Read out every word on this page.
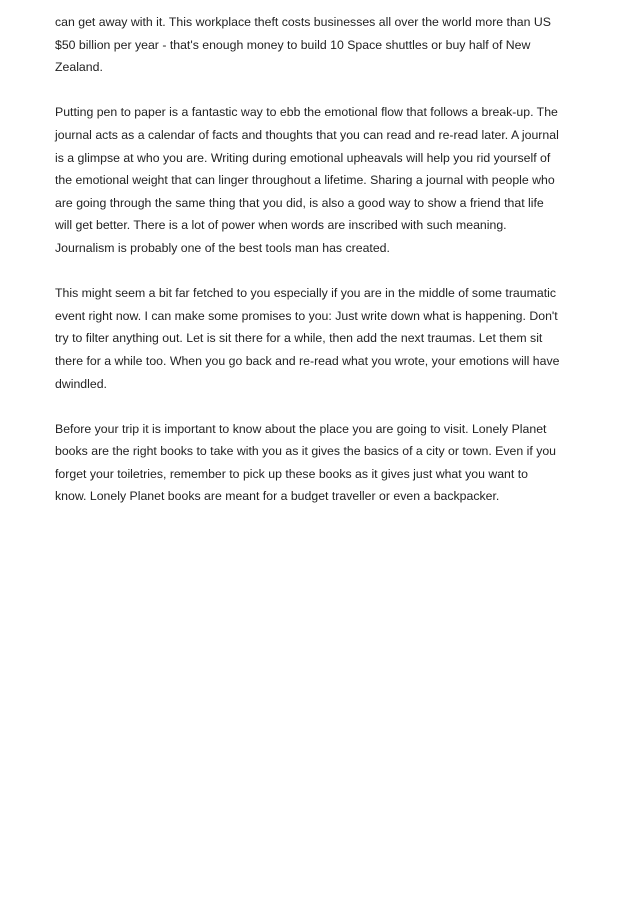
can get away with it. This workplace theft costs businesses all over the world more than US
$50 billion per year - that's enough money to build 10 Space shuttles or buy half of New
Zealand.

Putting pen to paper is a fantastic way to ebb the emotional flow that follows a break-up. The
journal acts as a calendar of facts and thoughts that you can read and re-read later. A journal
is a glimpse at who you are. Writing during emotional upheavals will help you rid yourself of
the emotional weight that can linger throughout a lifetime. Sharing a journal with people who
are going through the same thing that you did, is also a good way to show a friend that life
will get better. There is a lot of power when words are inscribed with such meaning.
Journalism is probably one of the best tools man has created.

This might seem a bit far fetched to you especially if you are in the middle of some traumatic
event right now. I can make some promises to you: Just write down what is happening. Don't
try to filter anything out. Let is sit there for a while, then add the next traumas. Let them sit
there for a while too. When you go back and re-read what you wrote, your emotions will have
dwindled.

Before your trip it is important to know about the place you are going to visit. Lonely Planet
books are the right books to take with you as it gives the basics of a city or town. Even if you
forget your toiletries, remember to pick up these books as it gives just what you want to
know. Lonely Planet books are meant for a budget traveller or even a backpacker.
